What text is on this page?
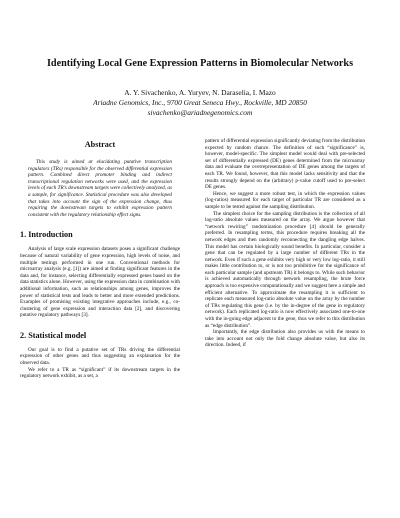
Identifying Local Gene Expression Patterns in Biomolecular Networks
A. Y. Sivachenko, A. Yuryev, N. Daraselia, I. Mazo
Ariadne Genomics, Inc., 9700 Great Seneca Hwy., Rockville, MD 20850
sivachenko@ariadnegenomics.com
Abstract

This study is aimed at elucidating putative transcription regulators (TRs) responsible for the observed differential expression pattern. Combined direct promoter binding and indirect transcriptional regulation networks were used, and the expression levels of each TR’s downstream targets were collectively analyzed, as a sample, for significance. Statistical procedure was also developed that takes into account the sign of the expression change, thus requiring the downstream targets to exhibit expression pattern consistent with the regulatory relationship effect signs.

1. Introduction

Analysis of large scale expression datasets poses a significant challenge because of natural variability of gene expression, high levels of noise, and multiple testings performed in one run. Conventional methods for microarray analysis (e.g. [1]) are aimed at finding significant features in the data and, for instance, selecting differentially expressed genes based on the data statistics alone. However, using the expression data in combination with additional information, such as relationships among genes, improves the power of statistical tests and leads to better and more extended predictions. Examples of promising existing integrative approaches include, e.g., co-clustering of gene expression and interaction data [2], and discovering putative regulatory pathways [3].

2. Statistical model

Our goal is to find a putative set of TRs driving the differential expression of other genes and thus suggesting an explanation for the observed data.

We refer to a TR as “significant” if its downstream targets in the regulatory network exhibit, as a set, a

pattern of differential expression significantly deviating from the distribution expected by random chance. The definition of such “significance” is, however, model-specific. The simplest model would deal with pre-selected set of differentially expressed (DE) genes determined from the microarray data and evaluate the overrepresentation of DE genes among the targets of each TR. We found, however, that this model lacks sensitivity and that the results strongly depend on the (arbitrary) p-value cutoff used to pre-select DE genes.

Hence, we suggest a more robust test, in which the expression values (log-ratios) measured for each target of particular TR are considered as a sample to be tested against the sampling distribution.

The simplest choice for the sampling distribution is the collection of all log-ratio absolute values measured on the array. We argue however that “network rewiring” randomization procedure [4] should be generally preferred. In resampling terms, this procedure requires breaking all the network edges and then randomly reconnecting the dangling edge halves. This model has certain biologically sound benefits. In particular, consider a gene that can be regulated by a large number of different TRs in the network. Even if such a gene exhibits very high or very low log-ratio, it still makes little contribution to, or is not too prohibitive for the significance of each particular sample (and upstream TR) it belongs to. While such behavior is achieved automatically through network resampling, the brute force approach is too expensive computationally and we suggest here a simple and efficient alternative. To approximate the resampling it is sufficient to replicate each measured log-ratio absolute value on the array by the number of TRs regulating this gene (i.e. by the in-degree of the gene in regulatory network). Each replicated log-ratio is now effectively associated one-to-one with the in-going edge adjacent to the gene, thus we refer to this distribution as “edge distribution”.

Importantly, the edge distribution also provides us with the means to take into account not only the fold change absolute value, but also its direction. Indeed, if
